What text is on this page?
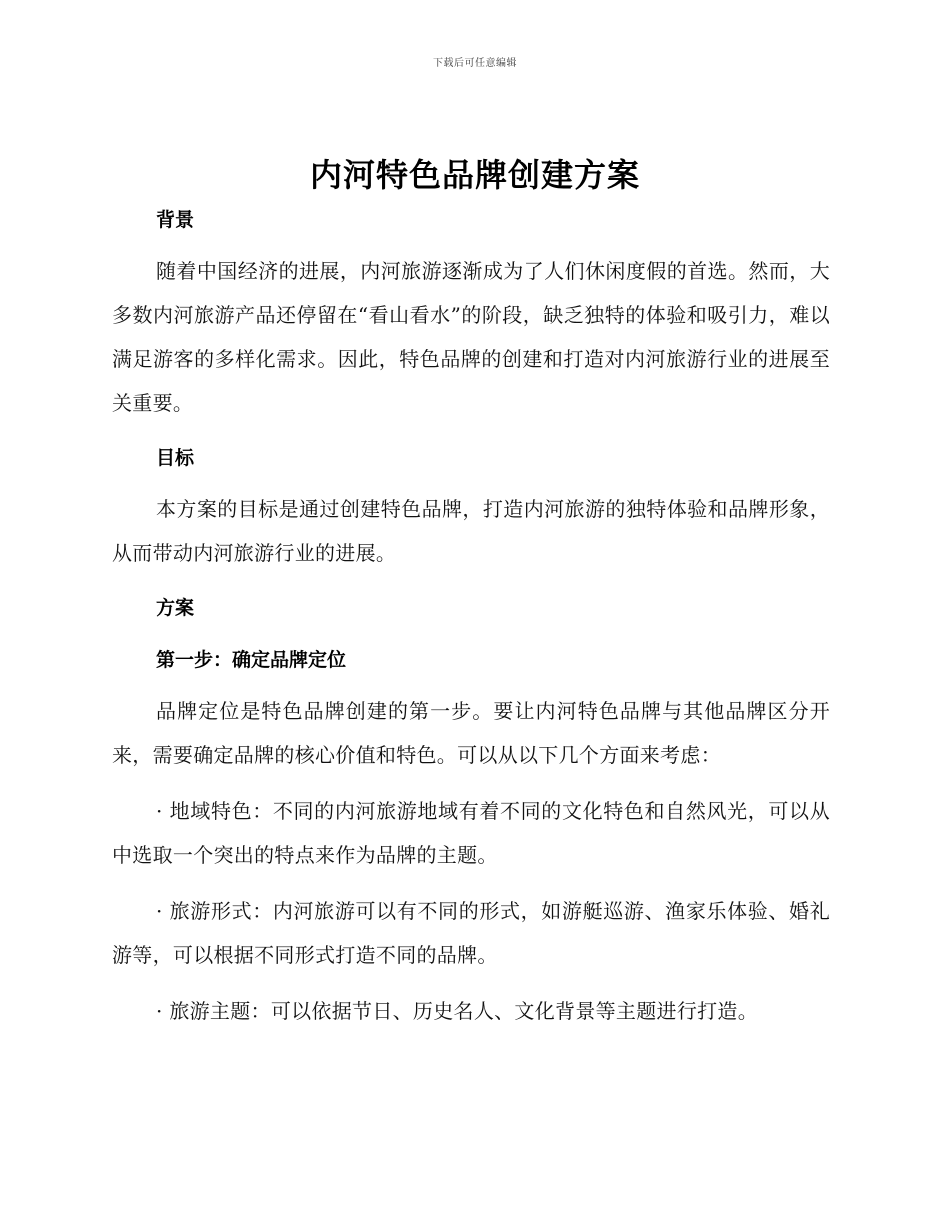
下载后可任意编辑
内河特色品牌创建方案
背景

随着中国经济的进展，内河旅游逐渐成为了人们休闲度假的首选。然而，大多数内河旅游产品还停留在“看山看水”的阶段，缺乏独特的体验和吸引力，难以满足游客的多样化需求。因此，特色品牌的创建和打造对内河旅游行业的进展至关重要。

目标

本方案的目标是通过创建特色品牌，打造内河旅游的独特体验和品牌形象，从而带动内河旅游行业的进展。

方案
第一步：确定品牌定位

品牌定位是特色品牌创建的第一步。要让内河特色品牌与其他品牌区分开来，需要确定品牌的核心价值和特色。可以从以下几个方面来考虑：

· 地域特色：不同的内河旅游地域有着不同的文化特色和自然风光，可以从中选取一个突出的特点来作为品牌的主题。

· 旅游形式：内河旅游可以有不同的形式，如游艇巡游、渔家乐体验、婚礼游等，可以根据不同形式打造不同的品牌。

· 旅游主题：可以依据节日、历史名人、文化背景等主题进行打造。
